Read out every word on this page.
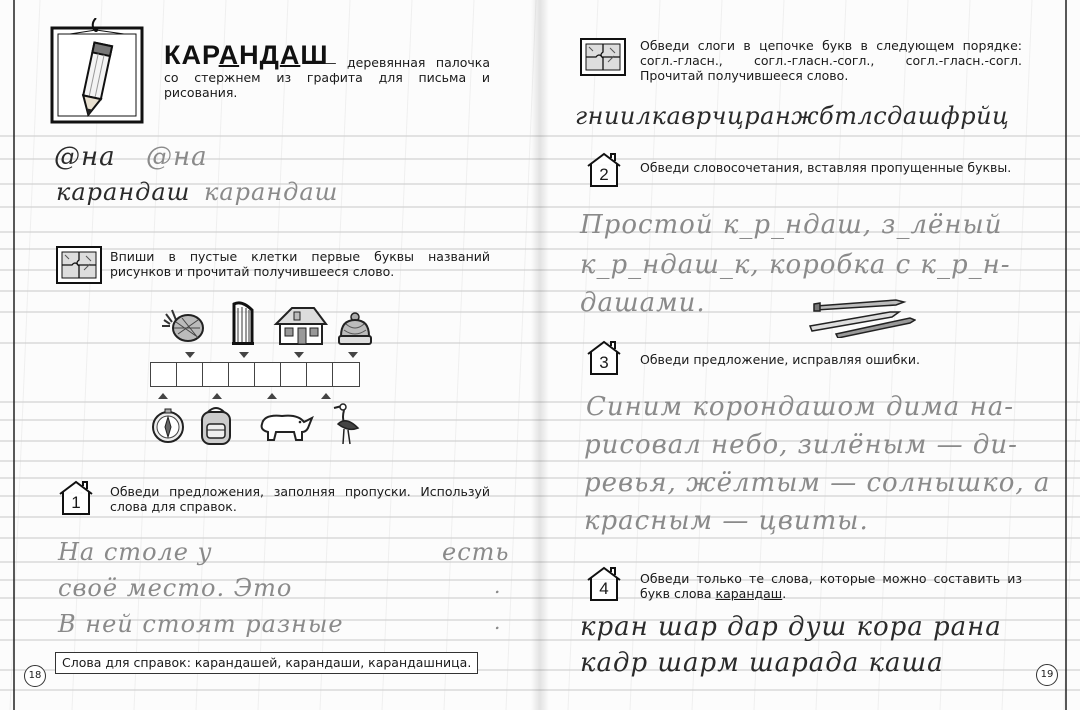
КАРАНДАШ
— деревянная палочка со стержнем из графита для письма и рисования.
@на @на
карандаш карандаш
Впиши в пустые клетки первые буквы названий рисунков и прочитай получившееся слово.
1
Обведи предложения, заполняя пропуски. Используй слова для справок.
На столе у	есть
своё место. Это	.
В ней стоят разные	.
Слова для справок: карандашей, карандаши, карандашница.
18
Обведи слоги в цепочке букв в следующем порядке: согл.-гласн., согл.-гласн.-согл., согл.-гласн.-согл. Прочитай получившееся слово.
гниилкаврчцранжбтлсдашфрйц
2	Обведи словосочетания, вставляя пропущенные буквы.
Простой к_р_ндаш, з_лёный
к_р_ндаш_к, коробка с к_р_н-
дашами.
3	Обведи предложение, исправляя ошибки.
Синим корондашом дима на-
рисовал небо, зилёным — ди-
ревья, жёлтым — солнышко, а
красным — цвиты.
4
Обведи только те слова, которые можно составить из букв слова карандаш.
кран шар дар душ кора рана
кадр шарм шарада каша	19
